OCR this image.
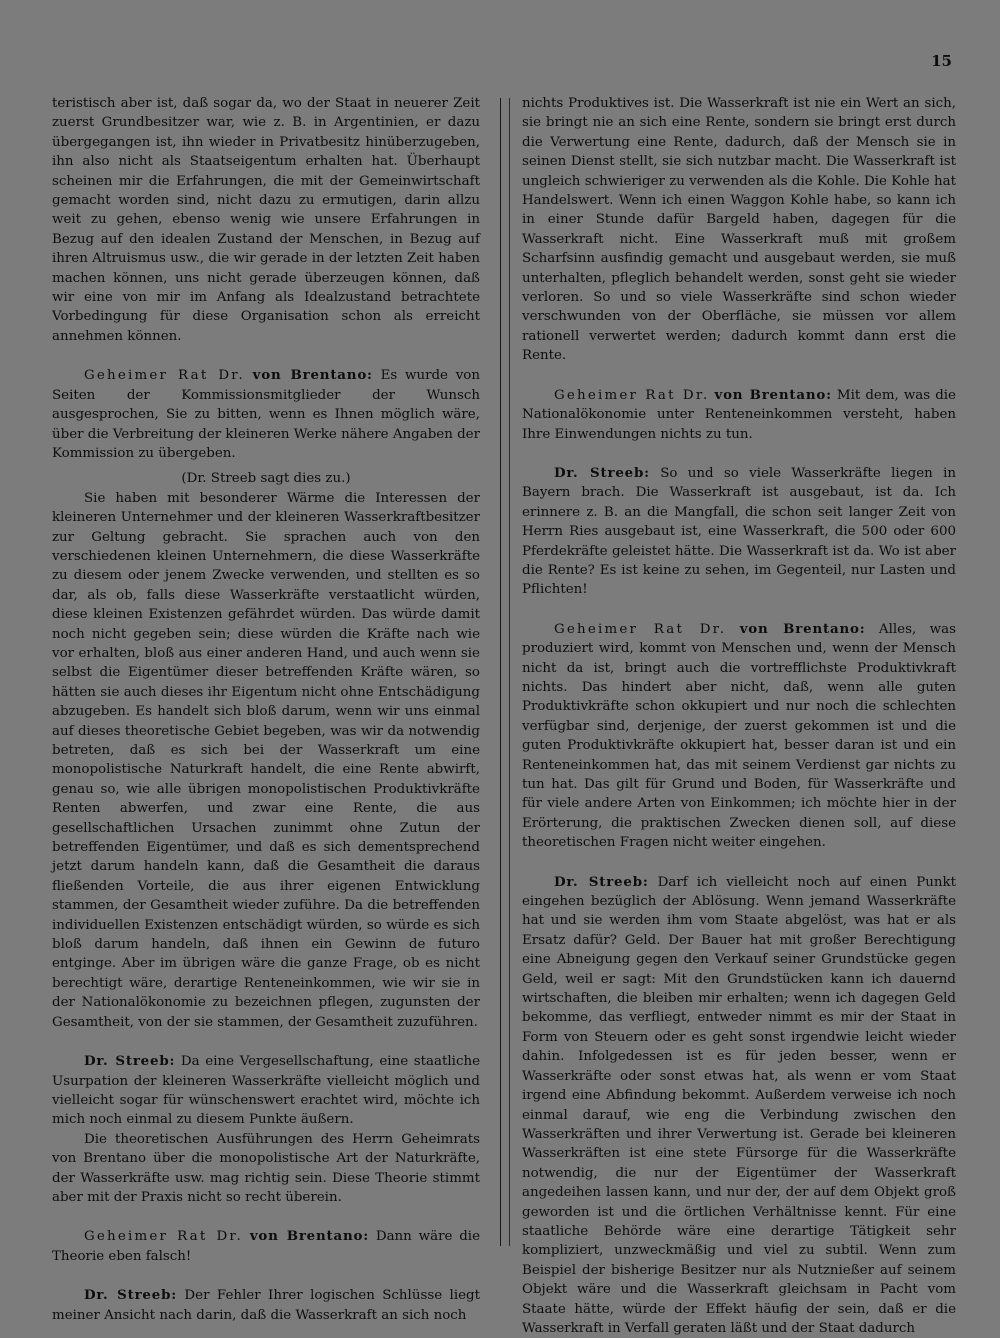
15

teristisch aber ist, daß sogar da, wo der Staat in neuerer Zeit zuerst Grundbesitzer war, wie z. B. in Argentinien, er dazu übergegangen ist, ihn wieder in Privatbesitz hinüberzugeben, ihn also nicht als Staatseigentum erhalten hat. Überhaupt scheinen mir die Erfahrungen, die mit der Gemeinwirtschaft gemacht worden sind, nicht dazu zu ermutigen, darin allzu weit zu gehen, ebenso wenig wie unsere Erfahrungen in Bezug auf den idealen Zustand der Menschen, in Bezug auf ihren Altruismus usw., die wir gerade in der letzten Zeit haben machen können, uns nicht gerade überzeugen können, daß wir eine von mir im Anfang als Idealzustand betrachtete Vorbedingung für diese Organisation schon als erreicht annehmen können.

Geheimer Rat Dr. von Brentano: Es wurde von Seiten der Kommissionsmitglieder der Wunsch ausgesprochen, Sie zu bitten, wenn es Ihnen möglich wäre, über die Verbreitung der kleineren Werke nähere Angaben der Kommission zu übergeben.

(Dr. Streeb sagt dies zu.)

Sie haben mit besonderer Wärme die Interessen der kleineren Unternehmer und der kleineren Wasserkraftbesitzer zur Geltung gebracht. Sie sprachen auch von den verschiedenen kleinen Unternehmern, die diese Wasserkräfte zu diesem oder jenem Zwecke verwenden, und stellten es so dar, als ob, falls diese Wasserkräfte verstaatlicht würden, diese kleinen Existenzen gefährdet würden. Das würde damit noch nicht gegeben sein; diese würden die Kräfte nach wie vor erhalten, bloß aus einer anderen Hand, und auch wenn sie selbst die Eigentümer dieser betreffenden Kräfte wären, so hätten sie auch dieses ihr Eigentum nicht ohne Entschädigung abzugeben. Es handelt sich bloß darum, wenn wir uns einmal auf dieses theoretische Gebiet begeben, was wir da notwendig betreten, daß es sich bei der Wasserkraft um eine monopolistische Naturkraft handelt, die eine Rente abwirft, genau so, wie alle übrigen monopolistischen Produktivkräfte Renten abwerfen, und zwar eine Rente, die aus gesellschaftlichen Ursachen zunimmt ohne Zutun der betreffenden Eigentümer, und daß es sich dementsprechend jetzt darum handeln kann, daß die Gesamtheit die daraus fließenden Vorteile, die aus ihrer eigenen Entwicklung stammen, der Gesamtheit wieder zuführe. Da die betreffenden individuellen Existenzen entschädigt würden, so würde es sich bloß darum handeln, daß ihnen ein Gewinn de futuro entginge. Aber im übrigen wäre die ganze Frage, ob es nicht berechtigt wäre, derartige Renteneinkommen, wie wir sie in der Nationalökonomie zu bezeichnen pflegen, zugunsten der Gesamtheit, von der sie stammen, der Gesamtheit zuzuführen.

Dr. Streeb: Da eine Vergesellschaftung, eine staatliche Usurpation der kleineren Wasserkräfte vielleicht möglich und vielleicht sogar für wünschenswert erachtet wird, möchte ich mich noch einmal zu diesem Punkte äußern.

Die theoretischen Ausführungen des Herrn Geheimrats von Brentano über die monopolistische Art der Naturkräfte, der Wasserkräfte usw. mag richtig sein. Diese Theorie stimmt aber mit der Praxis nicht so recht überein.

Geheimer Rat Dr. von Brentano: Dann wäre die Theorie eben falsch!

Dr. Streeb: Der Fehler Ihrer logischen Schlüsse liegt meiner Ansicht nach darin, daß die Wasserkraft an sich noch

nichts Produktives ist. Die Wasserkraft ist nie ein Wert an sich, sie bringt nie an sich eine Rente, sondern sie bringt erst durch die Verwertung eine Rente, dadurch, daß der Mensch sie in seinen Dienst stellt, sie sich nutzbar macht. Die Wasserkraft ist ungleich schwieriger zu verwenden als die Kohle. Die Kohle hat Handelswert. Wenn ich einen Waggon Kohle habe, so kann ich in einer Stunde dafür Bargeld haben, dagegen für die Wasserkraft nicht. Eine Wasserkraft muß mit großem Scharfsinn ausfindig gemacht und ausgebaut werden, sie muß unterhalten, pfleglich behandelt werden, sonst geht sie wieder verloren. So und so viele Wasserkräfte sind schon wieder verschwunden von der Oberfläche, sie müssen vor allem rationell verwertet werden; dadurch kommt dann erst die Rente.

Geheimer Rat Dr. von Brentano: Mit dem, was die Nationalökonomie unter Renteneinkommen versteht, haben Ihre Einwendungen nichts zu tun.

Dr. Streeb: So und so viele Wasserkräfte liegen in Bayern brach. Die Wasserkraft ist ausgebaut, ist da. Ich erinnere z. B. an die Mangfall, die schon seit langer Zeit von Herrn Ries ausgebaut ist, eine Wasserkraft, die 500 oder 600 Pferdekräfte geleistet hätte. Die Wasserkraft ist da. Wo ist aber die Rente? Es ist keine zu sehen, im Gegenteil, nur Lasten und Pflichten!

Geheimer Rat Dr. von Brentano: Alles, was produziert wird, kommt von Menschen und, wenn der Mensch nicht da ist, bringt auch die vortrefflichste Produktivkraft nichts. Das hindert aber nicht, daß, wenn alle guten Produktivkräfte schon okkupiert und nur noch die schlechten verfügbar sind, derjenige, der zuerst gekommen ist und die guten Produktivkräfte okkupiert hat, besser daran ist und ein Renteneinkommen hat, das mit seinem Verdienst gar nichts zu tun hat. Das gilt für Grund und Boden, für Wasserkräfte und für viele andere Arten von Einkommen; ich möchte hier in der Erörterung, die praktischen Zwecken dienen soll, auf diese theoretischen Fragen nicht weiter eingehen.

Dr. Streeb: Darf ich vielleicht noch auf einen Punkt eingehen bezüglich der Ablösung. Wenn jemand Wasserkräfte hat und sie werden ihm vom Staate abgelöst, was hat er als Ersatz dafür? Geld. Der Bauer hat mit großer Berechtigung eine Abneigung gegen den Verkauf seiner Grundstücke gegen Geld, weil er sagt: Mit den Grundstücken kann ich dauernd wirtschaften, die bleiben mir erhalten; wenn ich dagegen Geld bekomme, das verfliegt, entweder nimmt es mir der Staat in Form von Steuern oder es geht sonst irgendwie leicht wieder dahin. Infolgedessen ist es für jeden besser, wenn er Wasserkräfte oder sonst etwas hat, als wenn er vom Staat irgend eine Abfindung bekommt. Außerdem verweise ich noch einmal darauf, wie eng die Verbindung zwischen den Wasserkräften und ihrer Verwertung ist. Gerade bei kleineren Wasserkräften ist eine stete Fürsorge für die Wasserkräfte notwendig, die nur der Eigentümer der Wasserkraft angedeihen lassen kann, und nur der, der auf dem Objekt groß geworden ist und die örtlichen Verhältnisse kennt. Für eine staatliche Behörde wäre eine derartige Tätigkeit sehr kompliziert, unzweckmäßig und viel zu subtil. Wenn zum Beispiel der bisherige Besitzer nur als Nutznießer auf seinem Objekt wäre und die Wasserkraft gleichsam in Pacht vom Staate hätte, würde der Effekt häufig der sein, daß er die Wasserkraft in Verfall geraten läßt und der Staat dadurch
